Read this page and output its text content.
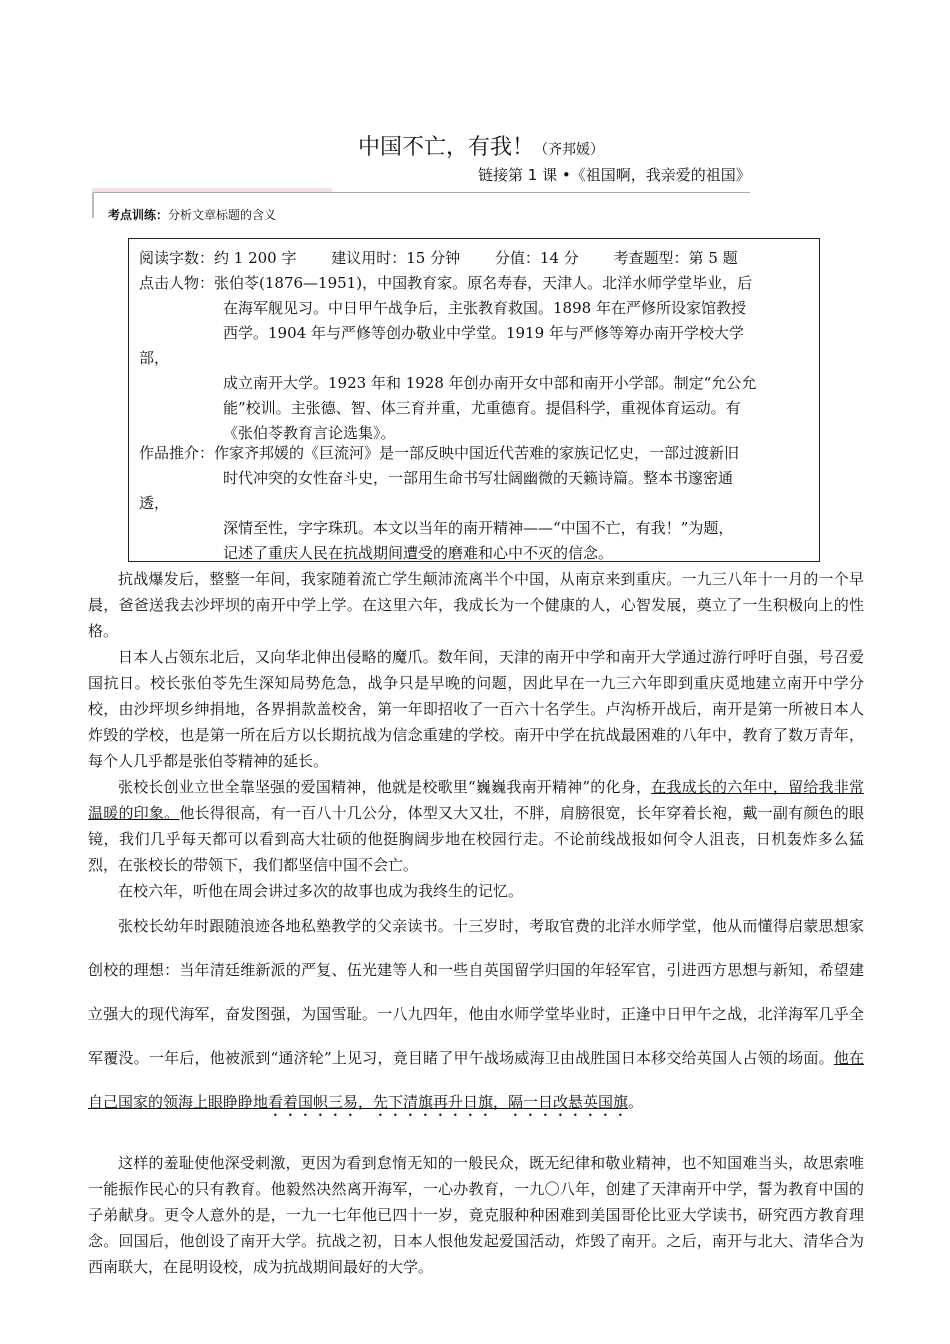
中国不亡，有我！（齐邦媛）
链接第 1 课 •《祖国啊，我亲爱的祖国》
考点训练：分析文章标题的含义
阅读字数：约 1 200 字 建议用时：15 分钟 分值：14 分 考查题型：第 5 题
点击人物：张伯苓(1876—1951)，中国教育家。原名寿春，天津人。北洋水师学堂毕业，后
在海军舰见习。中日甲午战争后，主张教育救国。1898 年在严修所设家馆教授
西学。1904 年与严修等创办敬业中学堂。1919 年与严修等筹办南开学校大学
部，
成立南开大学。1923 年和 1928 年创办南开女中部和南开小学部。制定“允公允
能”校训。主张德、智、体三育并重，尤重德育。提倡科学，重视体育运动。有
《张伯苓教育言论选集》。
作品推介：作家齐邦媛的《巨流河》是一部反映中国近代苦难的家族记忆史，一部过渡新旧
时代冲突的女性奋斗史，一部用生命书写壮阔幽微的天籁诗篇。整本书邃密通
透，
深情至性，字字珠玑。本文以当年的南开精神——“中国不亡，有我！”为题，
记述了重庆人民在抗战期间遭受的磨难和心中不灭的信念。

抗战爆发后，整整一年间，我家随着流亡学生颠沛流离半个中国，从南京来到重庆。一九三八年十一月的一个早晨，爸爸送我去沙坪坝的南开中学上学。在这里六年，我成长为一个健康的人，心智发展，奠立了一生积极向上的性格。

日本人占领东北后，又向华北伸出侵略的魔爪。数年间，天津的南开中学和南开大学通过游行呼吁自强，号召爱国抗日。校长张伯苓先生深知局势危急，战争只是早晚的问题，因此早在一九三六年即到重庆觅地建立南开中学分校，由沙坪坝乡绅捐地，各界捐款盖校舍，第一年即招收了一百六十名学生。卢沟桥开战后，南开是第一所被日本人炸毁的学校，也是第一所在后方以长期抗战为信念重建的学校。南开中学在抗战最困难的八年中，教育了数万青年，每个人几乎都是张伯苓精神的延长。

张校长创业立世全靠坚强的爱国精神，他就是校歌里“巍巍我南开精神”的化身，在我成长的六年中，留给我非常温暖的印象。他长得很高，有一百八十几公分，体型又大又壮，不胖，肩膀很宽，长年穿着长袍，戴一副有颜色的眼镜，我们几乎每天都可以看到高大壮硕的他挺胸阔步地在校园行走。不论前线战报如何令人沮丧，日机轰炸多么猛烈，在张校长的带领下，我们都坚信中国不会亡。

在校六年，听他在周会讲过多次的故事也成为我终生的记忆。

张校长幼年时跟随浪迹各地私塾教学的父亲读书。十三岁时，考取官费的北洋水师学堂，他从而懂得启蒙思想家创校的理想：当年清廷维新派的严复、伍光建等人和一些自英国留学归国的年轻军官，引进西方思想与新知，希望建立强大的现代海军，奋发图强，为国雪耻。一八九四年，他由水师学堂毕业时，正逢中日甲午之战，北洋海军几乎全军覆没。一年后，他被派到“通济轮”上见习，竟目睹了甲午战场威海卫由战胜国日本移交给英国人占领的场面。他在自己国家的领海上眼睁睁地看着国帜三易，先下清旗再升日旗，隔一日改悬英国旗。

这样的羞耻使他深受刺激，更因为看到怠惰无知的一般民众，既无纪律和敬业精神，也不知国难当头，故思索唯一能振作民心的只有教育。他毅然决然离开海军，一心办教育，一九〇八年，创建了天津南开中学，誓为教育中国的子弟献身。更令人意外的是，一九一七年他已四十一岁，竟克服种种困难到美国哥伦比亚大学读书，研究西方教育理念。回国后，他创设了南开大学。抗战之初，日本人恨他发起爱国活动，炸毁了南开。之后，南开与北大、清华合为西南联大，在昆明设校，成为抗战期间最好的大学。
